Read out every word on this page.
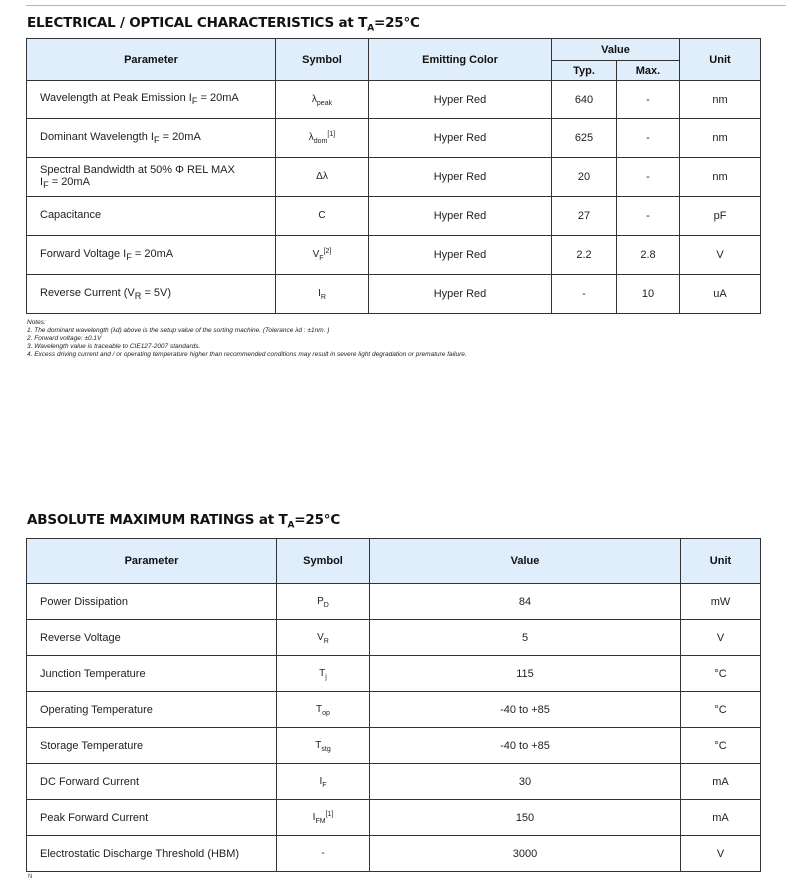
ELECTRICAL / OPTICAL CHARACTERISTICS at $T_A=25^\circ C$
Parameter	Symbol	Emitting Color	Value		Unit
			Typ.	Max.	
Wavelength at Peak Emission $I_F = 20mA$	$\lambda_{peak}$	Hyper Red	640	-	nm
Dominant Wavelength $I_F = 20mA$	$\lambda_{dom}[1]$	Hyper Red	625	-	nm

Spectral Bandwidth at 50% Φ REL MAX
$I_F = 20mA$	Δλ	Hyper Red	20	-	nm
Capacitance	C	Hyper Red	27	-	pF
Forward Voltage $I_F = 20mA$	$V_F[2]$	Hyper Red	2.2	2.8	V
Reverse Current $(V_R = 5V)$	$I_R$	Hyper Red	-	10	uA
Notes:
1. The dominant wavelength (λd) above is the setup value of the sorting machine. (Tolerance λd : ±1nm. )
2. Forward voltage: ±0.1V
3. Wavelength value is traceable to CIE127-2007 standards.
4. Excess driving current and / or operating temperature higher than recommended conditions may result in severe light degradation or premature failure.
ABSOLUTE MAXIMUM RATINGS at $T_A=25^\circ C$
Parameter	Symbol	Value	Unit
Power Dissipation	$P_D$	84	mW
Reverse Voltage	$V_R$	5	V
Junction Temperature	$T_j$	115	°C
Operating Temperature	$T_{op}$	-40 to +85	°C
Storage Temperature	$T_{stg}$	-40 to +85	°C
DC Forward Current	$I_F$	30	mA
Peak Forward Current	$I_{FM}[1]$	150	mA
Electrostatic Discharge Threshold (HBM)	-	3000	V
N
